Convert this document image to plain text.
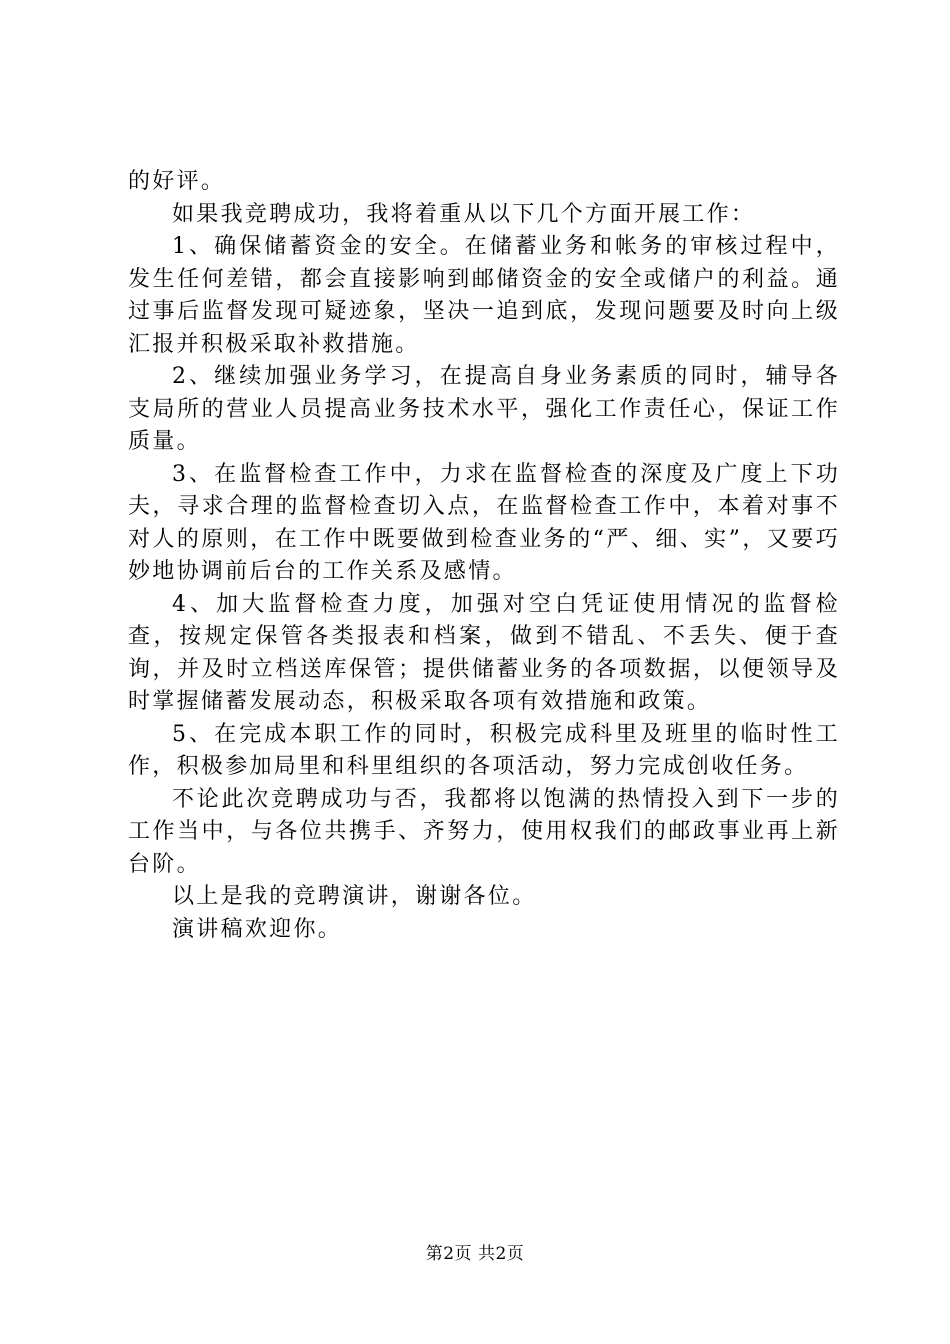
的好评。

如果我竞聘成功，我将着重从以下几个方面开展工作：

1、确保储蓄资金的安全。在储蓄业务和帐务的审核过程中，发生任何差错，都会直接影响到邮储资金的安全或储户的利益。通过事后监督发现可疑迹象，坚决一追到底，发现问题要及时向上级汇报并积极采取补救措施。

2、继续加强业务学习，在提高自身业务素质的同时，辅导各支局所的营业人员提高业务技术水平，强化工作责任心，保证工作质量。

3、在监督检查工作中，力求在监督检查的深度及广度上下功夫，寻求合理的监督检查切入点，在监督检查工作中，本着对事不对人的原则，在工作中既要做到检查业务的“严、细、实”，又要巧妙地协调前后台的工作关系及感情。

4、加大监督检查力度，加强对空白凭证使用情况的监督检查，按规定保管各类报表和档案，做到不错乱、不丢失、便于查询，并及时立档送库保管；提供储蓄业务的各项数据，以便领导及时掌握储蓄发展动态，积极采取各项有效措施和政策。

5、在完成本职工作的同时，积极完成科里及班里的临时性工作，积极参加局里和科里组织的各项活动，努力完成创收任务。

不论此次竞聘成功与否，我都将以饱满的热情投入到下一步的工作当中，与各位共携手、齐努力，使用权我们的邮政事业再上新台阶。

以上是我的竞聘演讲，谢谢各位。

演讲稿欢迎你。

第2页 共2页
